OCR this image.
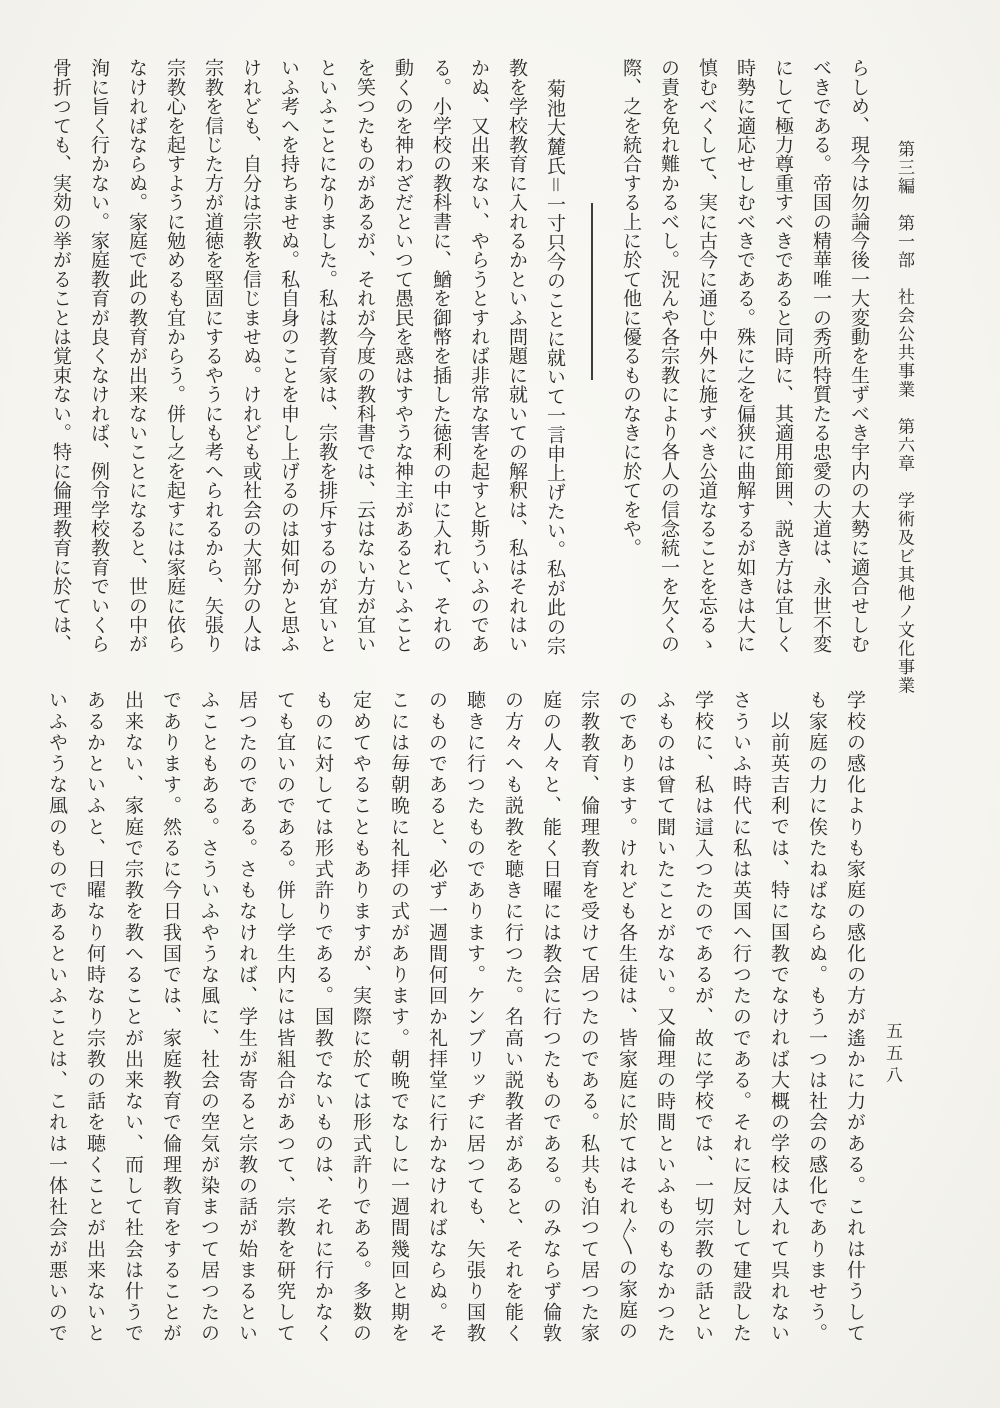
第三編　第一部　社会公共事業　第六章　学術及ビ其他ノ文化事業
五五八
らしめ、現今は勿論今後一大変動を生ずべき宇内の大勢に適合せしむ
べきである。帝国の精華唯一の秀所特質たる忠愛の大道は、永世不変
にして極力尊重すべきであると同時に、其適用節囲、説き方は宜しく
時勢に適応せしむべきである。殊に之を偏狭に曲解するが如きは大に
慎むべくして、実に古今に通じ中外に施すべき公道なることを忘るゝ
の責を免れ難かるべし。況んや各宗教により各人の信念統一を欠くの
際、之を統合する上に於て他に優るものなきに於てをや。
菊池大麓氏＝一寸只今のことに就いて一言申上げたい。私が此の宗
教を学校教育に入れるかといふ問題に就いての解釈は、私はそれはい
かぬ、又出来ない、やらうとすれば非常な害を起すと斯ういふのであ
る。小学校の教科書に、鰌を御幣を插した徳利の中に入れて、それの
動くのを神わざだといつて愚民を惑はすやうな神主があるといふこと
を笑つたものがあるが、それが今度の教科書では、云はない方が宜い
といふことになりました。私は教育家は、宗教を排斥するのが宜いと
いふ考へを持ちませぬ。私自身のことを申し上げるのは如何かと思ふ
けれども、自分は宗教を信じませぬ。けれども或社会の大部分の人は
宗教を信じた方が道徳を堅固にするやうにも考へられるから、矢張り
宗教心を起すように勉めるも宜からう。併し之を起すには家庭に依ら
なければならぬ。家庭で此の教育が出来ないことになると、世の中が
洵に旨く行かない。家庭教育が良くなければ、例令学校教育でいくら
骨折つても、実効の挙がることは覚束ない。特に倫理教育に於ては、
学校の感化よりも家庭の感化の方が遙かに力がある。これは什うして
も家庭の力に俟たねばならぬ。もう一つは社会の感化でありませう。
以前英吉利では、特に国教でなければ大概の学校は入れて呉れない
さういふ時代に私は英国へ行つたのである。それに反対して建設した
学校に、私は這入つたのであるが、故に学校では、一切宗教の話とい
ふものは曾て聞いたことがない。又倫理の時間といふものもなかつた
のであります。けれども各生徒は、皆家庭に於てはそれ〴〵の家庭の
宗教教育、倫理教育を受けて居つたのである。私共も泊つて居つた家
庭の人々と、能く日曜には教会に行つたものである。のみならず倫敦
の方々へも説教を聴きに行つた。名高い説教者があると、それを能く
聴きに行つたものであります。ケンブリッヂに居つても、矢張り国教
のものであると、必ず一週間何回か礼拝堂に行かなければならぬ。そ
こには毎朝晩に礼拝の式があります。朝晩でなしに一週間幾回と期を
定めてやることもありますが、実際に於ては形式許りである。多数の
ものに対しては形式許りである。国教でないものは、それに行かなく
ても宜いのである。併し学生内には皆組合があつて、宗教を研究して
居つたのである。さもなければ、学生が寄ると宗教の話が始まるとい
ふこともある。さういふやうな風に、社会の空気が染まつて居つたの
であります。然るに今日我国では、家庭教育で倫理教育をすることが
出来ない、家庭で宗教を教へることが出来ない、而して社会は什うで
あるかといふと、日曜なり何時なり宗教の話を聴くことが出来ないと
いふやうな風のものであるといふことは、これは一体社会が悪いので
